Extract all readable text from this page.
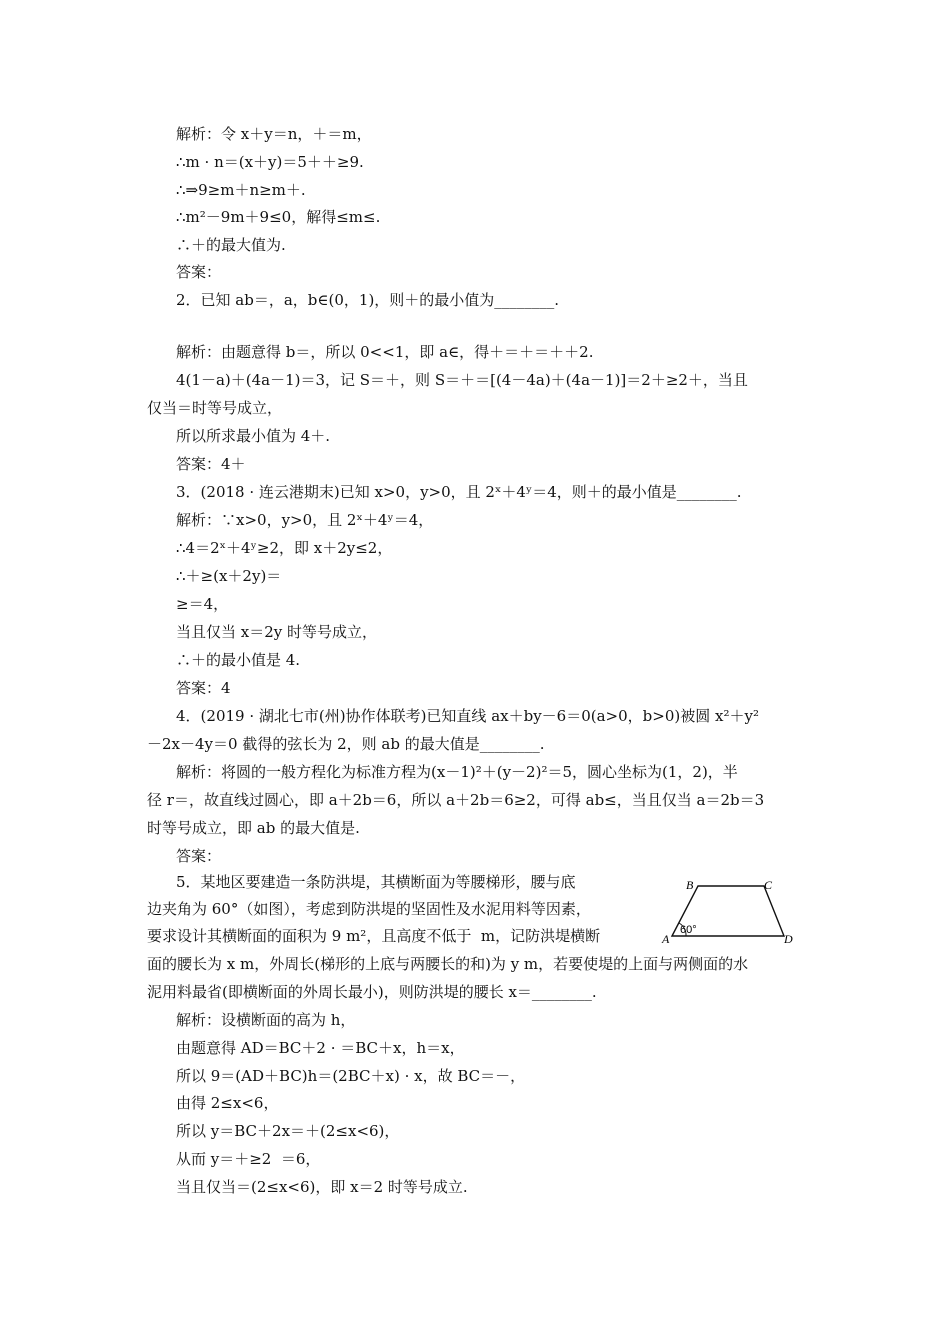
解析：令 x＋y＝n，＋＝m，
∴m · n＝(x＋y)＝5＋＋≥9.
∴⇒9≥m＋n≥m＋.
∴m²－9m＋9≤0，解得≤m≤.
∴＋的最大值为.
答案：
2．已知 ab＝，a，b∈(0，1)，则＋的最小值为________.
解析：由题意得 b＝，所以 0<<1，即 a∈，得＋＝＋＝＋＋2.
4(1－a)＋(4a－1)＝3，记 S＝＋，则 S＝＋＝[(4－4a)＋(4a－1)]＝2＋≥2＋，当且
仅当＝时等号成立，
所以所求最小值为 4＋.
答案：4＋
3．(2018 · 连云港期末)已知 x>0，y>0，且 2ˣ＋4ʸ＝4，则＋的最小值是________.
解析：∵x>0，y>0，且 2ˣ＋4ʸ＝4，
∴4＝2ˣ＋4ʸ≥2，即 x＋2y≤2，
∴＋≥(x＋2y)＝
≥＝4，
当且仅当 x＝2y 时等号成立，
∴＋的最小值是 4.
答案：4
4．(2019 · 湖北七市(州)协作体联考)已知直线 ax＋by－6＝0(a>0，b>0)被圆 x²＋y²
－2x－4y＝0 截得的弦长为 2，则 ab 的最大值是________.
解析：将圆的一般方程化为标准方程为(x－1)²＋(y－2)²＝5，圆心坐标为(1，2)，半
径 r＝，故直线过圆心，即 a＋2b＝6，所以 a＋2b＝6≥2，可得 ab≤，当且仅当 a＝2b＝3
时等号成立，即 ab 的最大值是.
答案：
5．某地区要建造一条防洪堤，其横断面为等腰梯形，腰与底
边夹角为 60°（如图），考虑到防洪堤的坚固性及水泥用料等因素，
要求设计其横断面的面积为 9 m²，且高度不低于  m，记防洪堤横断
面的腰长为 x m，外周长(梯形的上底与两腰长的和)为 y m，若要使堤的上面与两侧面的水
泥用料最省(即横断面的外周长最小)，则防洪堤的腰长 x＝________.
解析：设横断面的高为 h，
由题意得 AD＝BC＋2 · ＝BC＋x，h＝x，
所以 9＝(AD＋BC)h＝(2BC＋x) · x，故 BC＝－，
由得 2≤x<6，
所以 y＝BC＋2x＝＋(2≤x<6)，
从而 y＝＋≥2  ＝6，
当且仅当＝(2≤x<6)，即 x＝2 时等号成立.
B	C
A	D
60°
